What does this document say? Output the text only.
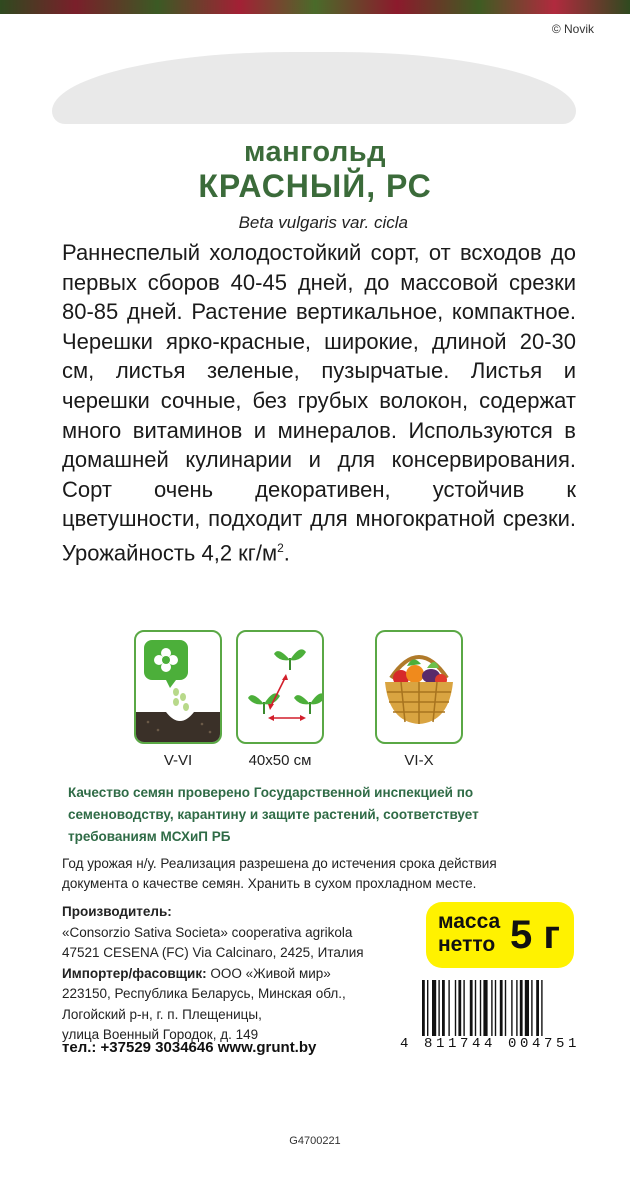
© Novik
мангольд
КРАСНЫЙ, РС
Beta vulgaris var. cicla

Раннеспелый холодостойкий сорт, от всходов до первых сборов 40-45 дней, до массовой срезки 80-85 дней. Растение вертикальное, компактное. Черешки ярко-красные, широкие, длиной 20-30 см, листья зеленые, пузырчатые. Листья и черешки сочные, без грубых волокон, содержат много витаминов и минералов. Используются в домашней кулинарии и для консервирования. Сорт очень декоративен, устойчив к цветушности, подходит для многократной срезки. Урожайность 4,2 $кг/м^2$.

V-VI	40x50 см	VI-X

Качество семян проверено Государственной инспекцией по семеноводству, карантину и защите растений, соответствует требованиям МСХиП РБ

Год урожая н/у. Реализация разрешена до истечения срока действия документа о качестве семян. Хранить в сухом прохладном месте.

Производитель:
«Consorzio Sativa Societa» cooperativa agrikola
47521 CESENA (FC) Via Calcinaro, 2425, Италия
Импортер/фасовщик: ООО «Живой мир»
223150, Республика Беларусь, Минская обл.,
Логойский р-н, г. п. Плещеницы,
улица Военный Городок, д. 149
масса
нетто 5 г
4 811744 004751
тел.: +37529 3034646 www.grunt.by
G4700221
